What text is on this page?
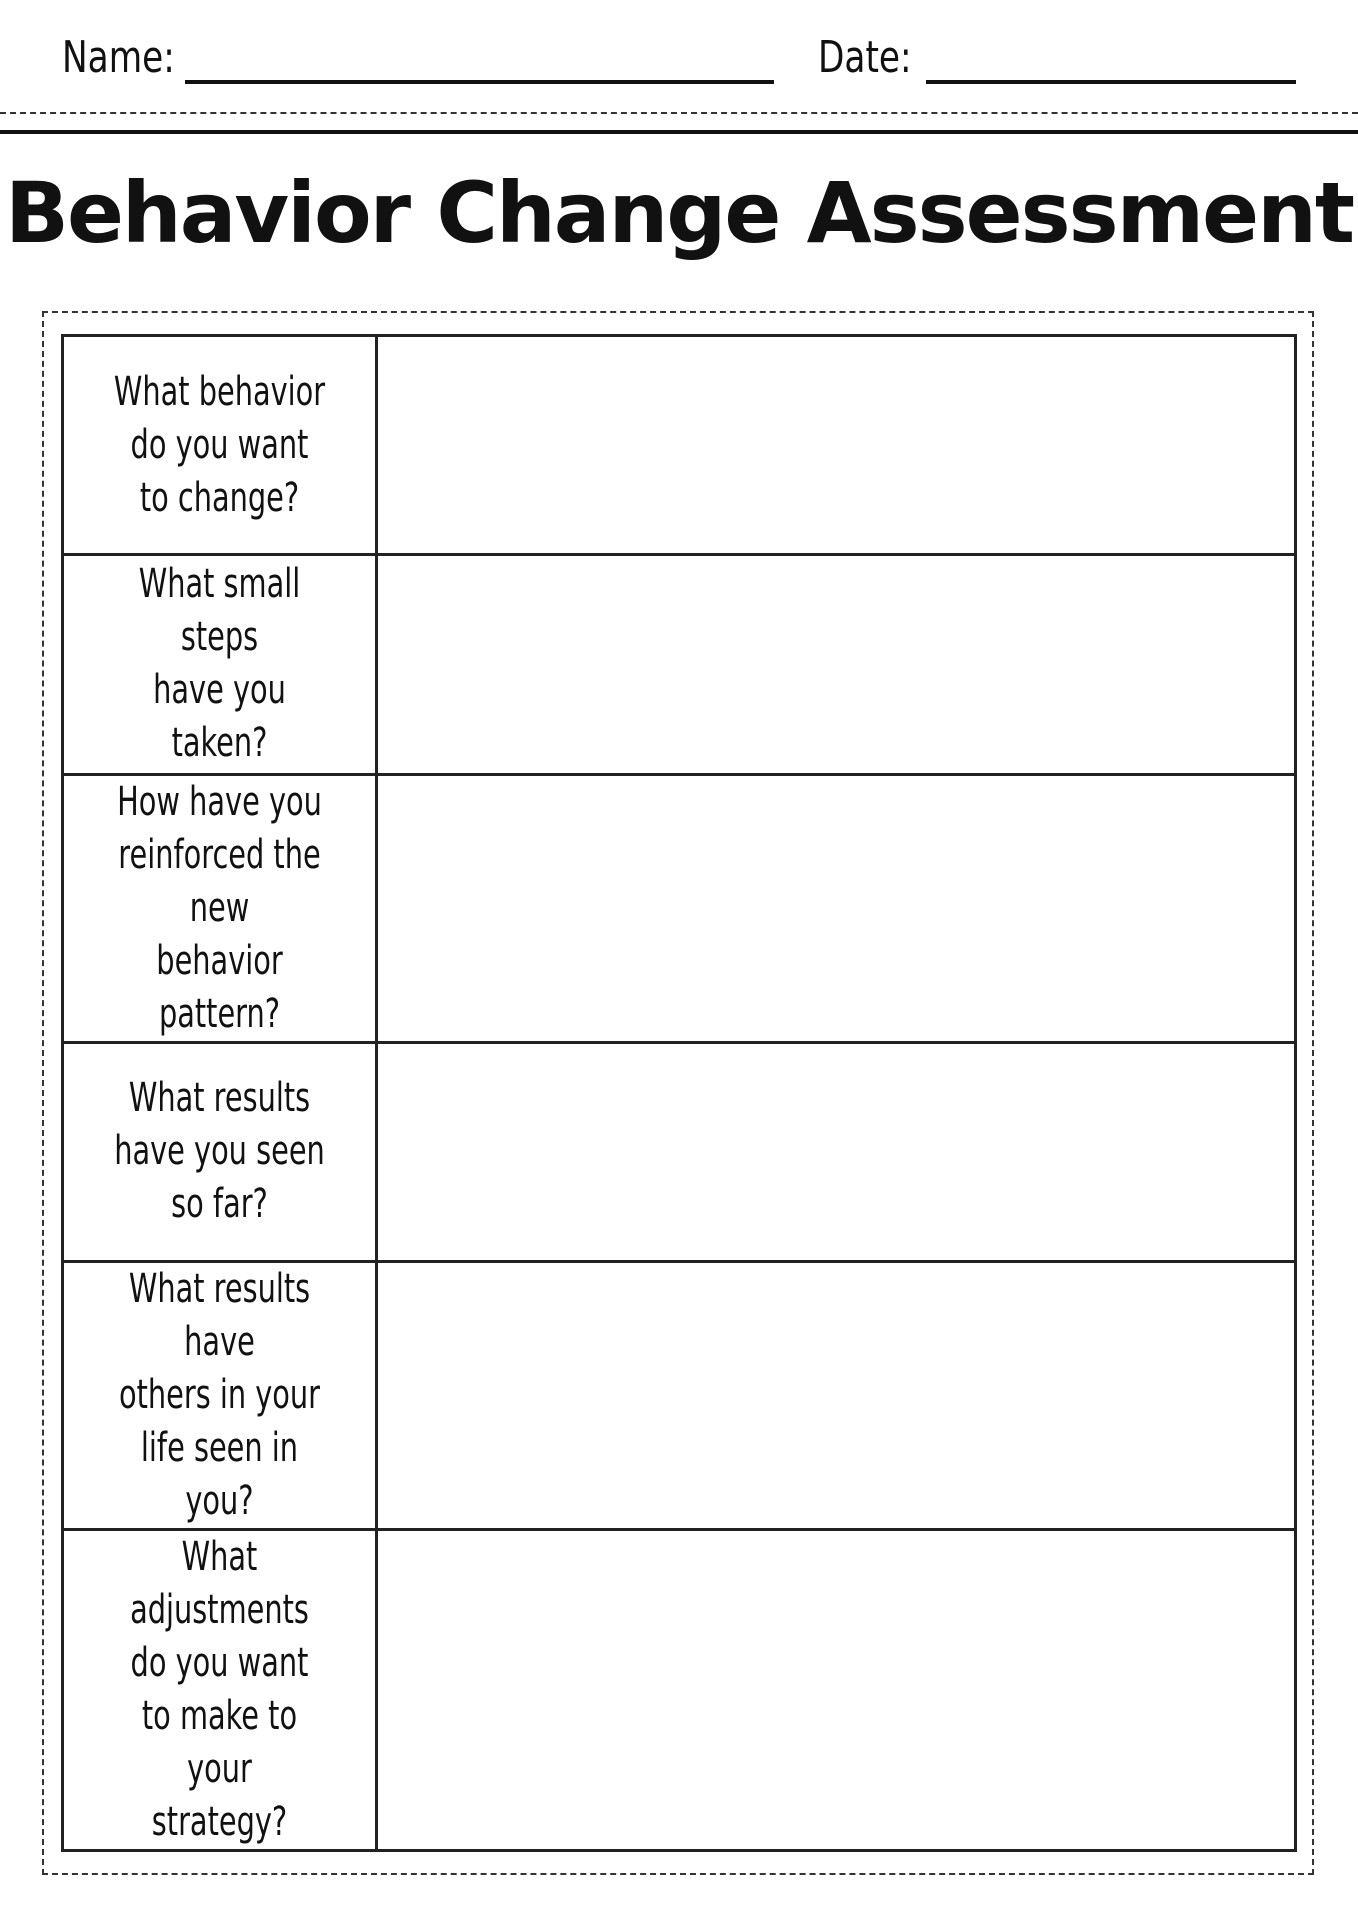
Name:	Date:
Behavior Change Assessment
What behavior
do you want
to change?
What small steps
have you taken?
How have you
reinforced the new
behavior pattern?
What results
have you seen
so far?
What results have
others in your
life seen in you?
What adjustments
do you want
to make to your
strategy?
